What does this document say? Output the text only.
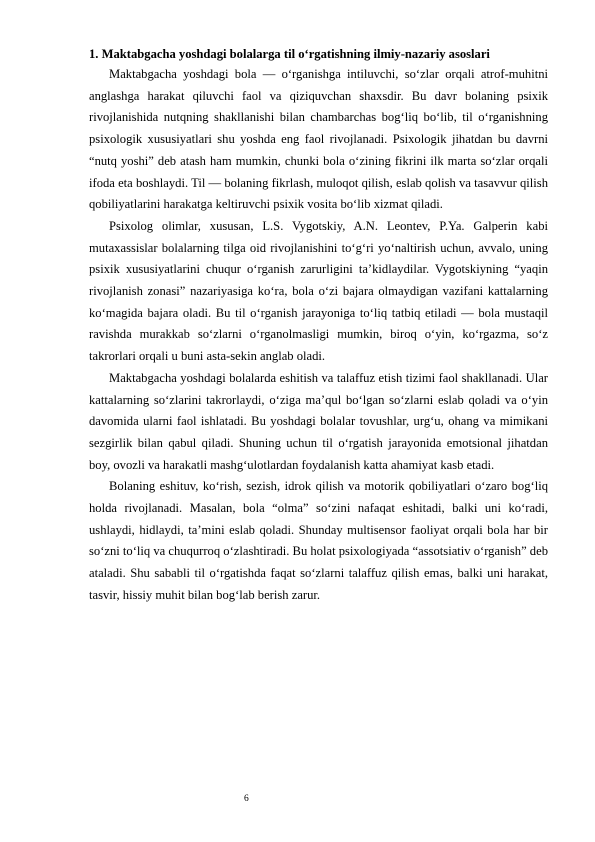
1. Maktabgacha yoshdagi bolalarga til o‘rgatishning ilmiy-nazariy asoslari

Maktabgacha yoshdagi bola — o‘rganishga intiluvchi, so‘zlar orqali atrof-muhitni anglashga harakat qiluvchi faol va qiziquvchan shaxsdir. Bu davr bolaning psixik rivojlanishida nutqning shakllanishi bilan chambarchas bog‘liq bo‘lib, til o‘rganishning psixologik xususiyatlari shu yoshda eng faol rivojlanadi. Psixologik jihatdan bu davrni “nutq yoshi” deb atash ham mumkin, chunki bola o‘zining fikrini ilk marta so‘zlar orqali ifoda eta boshlaydi. Til — bolaning fikrlash, muloqot qilish, eslab qolish va tasavvur qilish qobiliyatlarini harakatga keltiruvchi psixik vosita bo‘lib xizmat qiladi.

Psixolog olimlar, xususan, L.S. Vygotskiy, A.N. Leontev, P.Ya. Galperin kabi mutaxassislar bolalarning tilga oid rivojlanishini to‘g‘ri yo‘naltirish uchun, avvalo, uning psixik xususiyatlarini chuqur o‘rganish zarurligini ta’kidlaydilar. Vygotskiyning “yaqin rivojlanish zonasi” nazariyasiga ko‘ra, bola o‘zi bajara olmaydigan vazifani kattalarning ko‘magida bajara oladi. Bu til o‘rganish jarayoniga to‘liq tatbiq etiladi — bola mustaqil ravishda murakkab so‘zlarni o‘rganolmasligi mumkin, biroq o‘yin, ko‘rgazma, so‘z takrorlari orqali u buni asta-sekin anglab oladi.

Maktabgacha yoshdagi bolalarda eshitish va talaffuz etish tizimi faol shakllanadi. Ular kattalarning so‘zlarini takrorlaydi, o‘ziga ma’qul bo‘lgan so‘zlarni eslab qoladi va o‘yin davomida ularni faol ishlatadi. Bu yoshdagi bolalar tovushlar, urg‘u, ohang va mimikani sezgirlik bilan qabul qiladi. Shuning uchun til o‘rgatish jarayonida emotsional jihatdan boy, ovozli va harakatli mashg‘ulotlardan foydalanish katta ahamiyat kasb etadi.

Bolaning eshituv, ko‘rish, sezish, idrok qilish va motorik qobiliyatlari o‘zaro bog‘liq holda rivojlanadi. Masalan, bola “olma” so‘zini nafaqat eshitadi, balki uni ko‘radi, ushlaydi, hidlaydi, ta’mini eslab qoladi. Shunday multisensor faoliyat orqali bola har bir so‘zni to‘liq va chuqurroq o‘zlashtiradi. Bu holat psixologiyada “assotsiativ o‘rganish” deb ataladi. Shu sababli til o‘rgatishda faqat so‘zlarni talaffuz qilish emas, balki uni harakat, tasvir, hissiy muhit bilan bog‘lab berish zarur.

6
